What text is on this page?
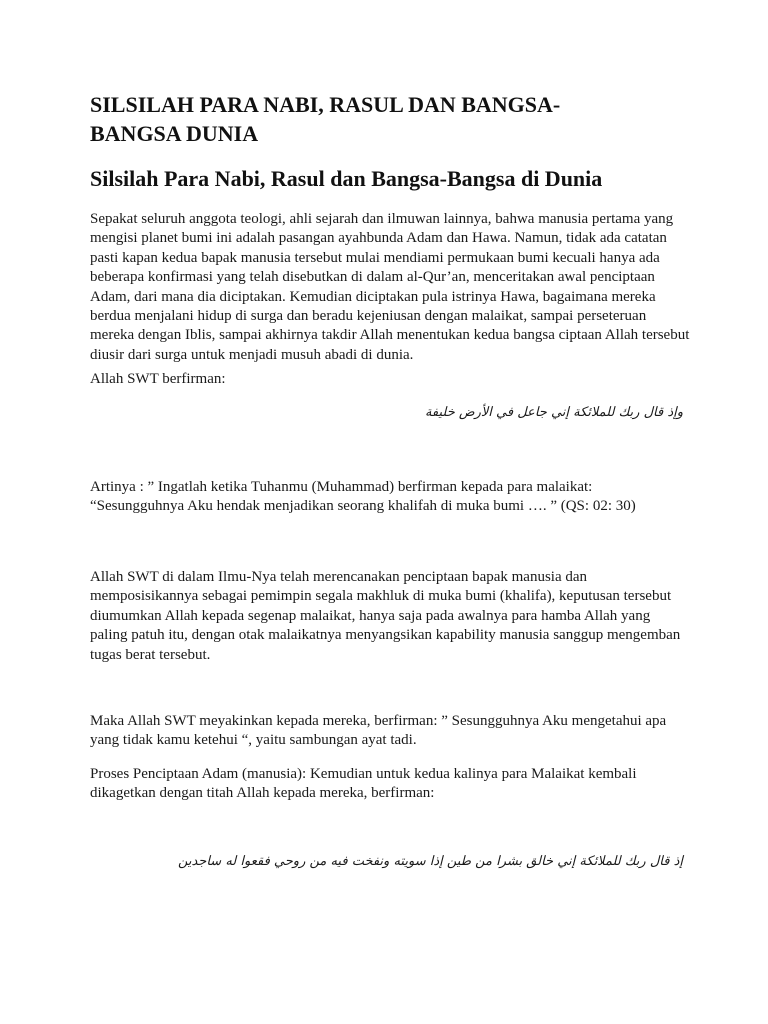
SILSILAH PARA NABI, RASUL DAN BANGSA-BANGSA DUNIA
Silsilah Para Nabi, Rasul dan Bangsa-Bangsa di Dunia

Sepakat seluruh anggota teologi, ahli sejarah dan ilmuwan lainnya, bahwa manusia pertama yang mengisi planet bumi ini adalah pasangan ayahbunda Adam dan Hawa. Namun, tidak ada catatan pasti kapan kedua bapak manusia tersebut mulai mendiami permukaan bumi kecuali hanya ada beberapa konfirmasi yang telah disebutkan di dalam al-Qur’an, menceritakan awal penciptaan Adam, dari mana dia diciptakan. Kemudian diciptakan pula istrinya Hawa, bagaimana mereka berdua menjalani hidup di surga dan beradu kejeniusan dengan malaikat, sampai perseteruan mereka dengan Iblis, sampai akhirnya takdir Allah menentukan kedua bangsa ciptaan Allah tersebut diusir dari surga untuk menjadi musuh abadi di dunia.

Allah SWT berfirman:

وإذ قال ربك للملائكة إني جاعل في الأرض خليفة

Artinya : ” Ingatlah ketika Tuhanmu (Muhammad) berfirman kepada para malaikat: “Sesungguhnya Aku hendak menjadikan seorang khalifah di muka bumi …. ” (QS: 02: 30)

Allah SWT di dalam Ilmu-Nya telah merencanakan penciptaan bapak manusia dan memposisikannya sebagai pemimpin segala makhluk di muka bumi (khalifa), keputusan tersebut diumumkan Allah kepada segenap malaikat, hanya saja pada awalnya para hamba Allah yang paling patuh itu, dengan otak malaikatnya menyangsikan kapability manusia sanggup mengemban tugas berat tersebut.

Maka Allah SWT meyakinkan kepada mereka, berfirman: ” Sesungguhnya Aku mengetahui apa yang tidak kamu ketehui “, yaitu sambungan ayat tadi.

Proses Penciptaan Adam (manusia): Kemudian untuk kedua kalinya para Malaikat kembali dikagetkan dengan titah Allah kepada mereka, berfirman:

إذ قال ربك للملائكة إني خالق بشرا من طين إذا سويته ونفخت فيه من روحي فقعوا له ساجدين
